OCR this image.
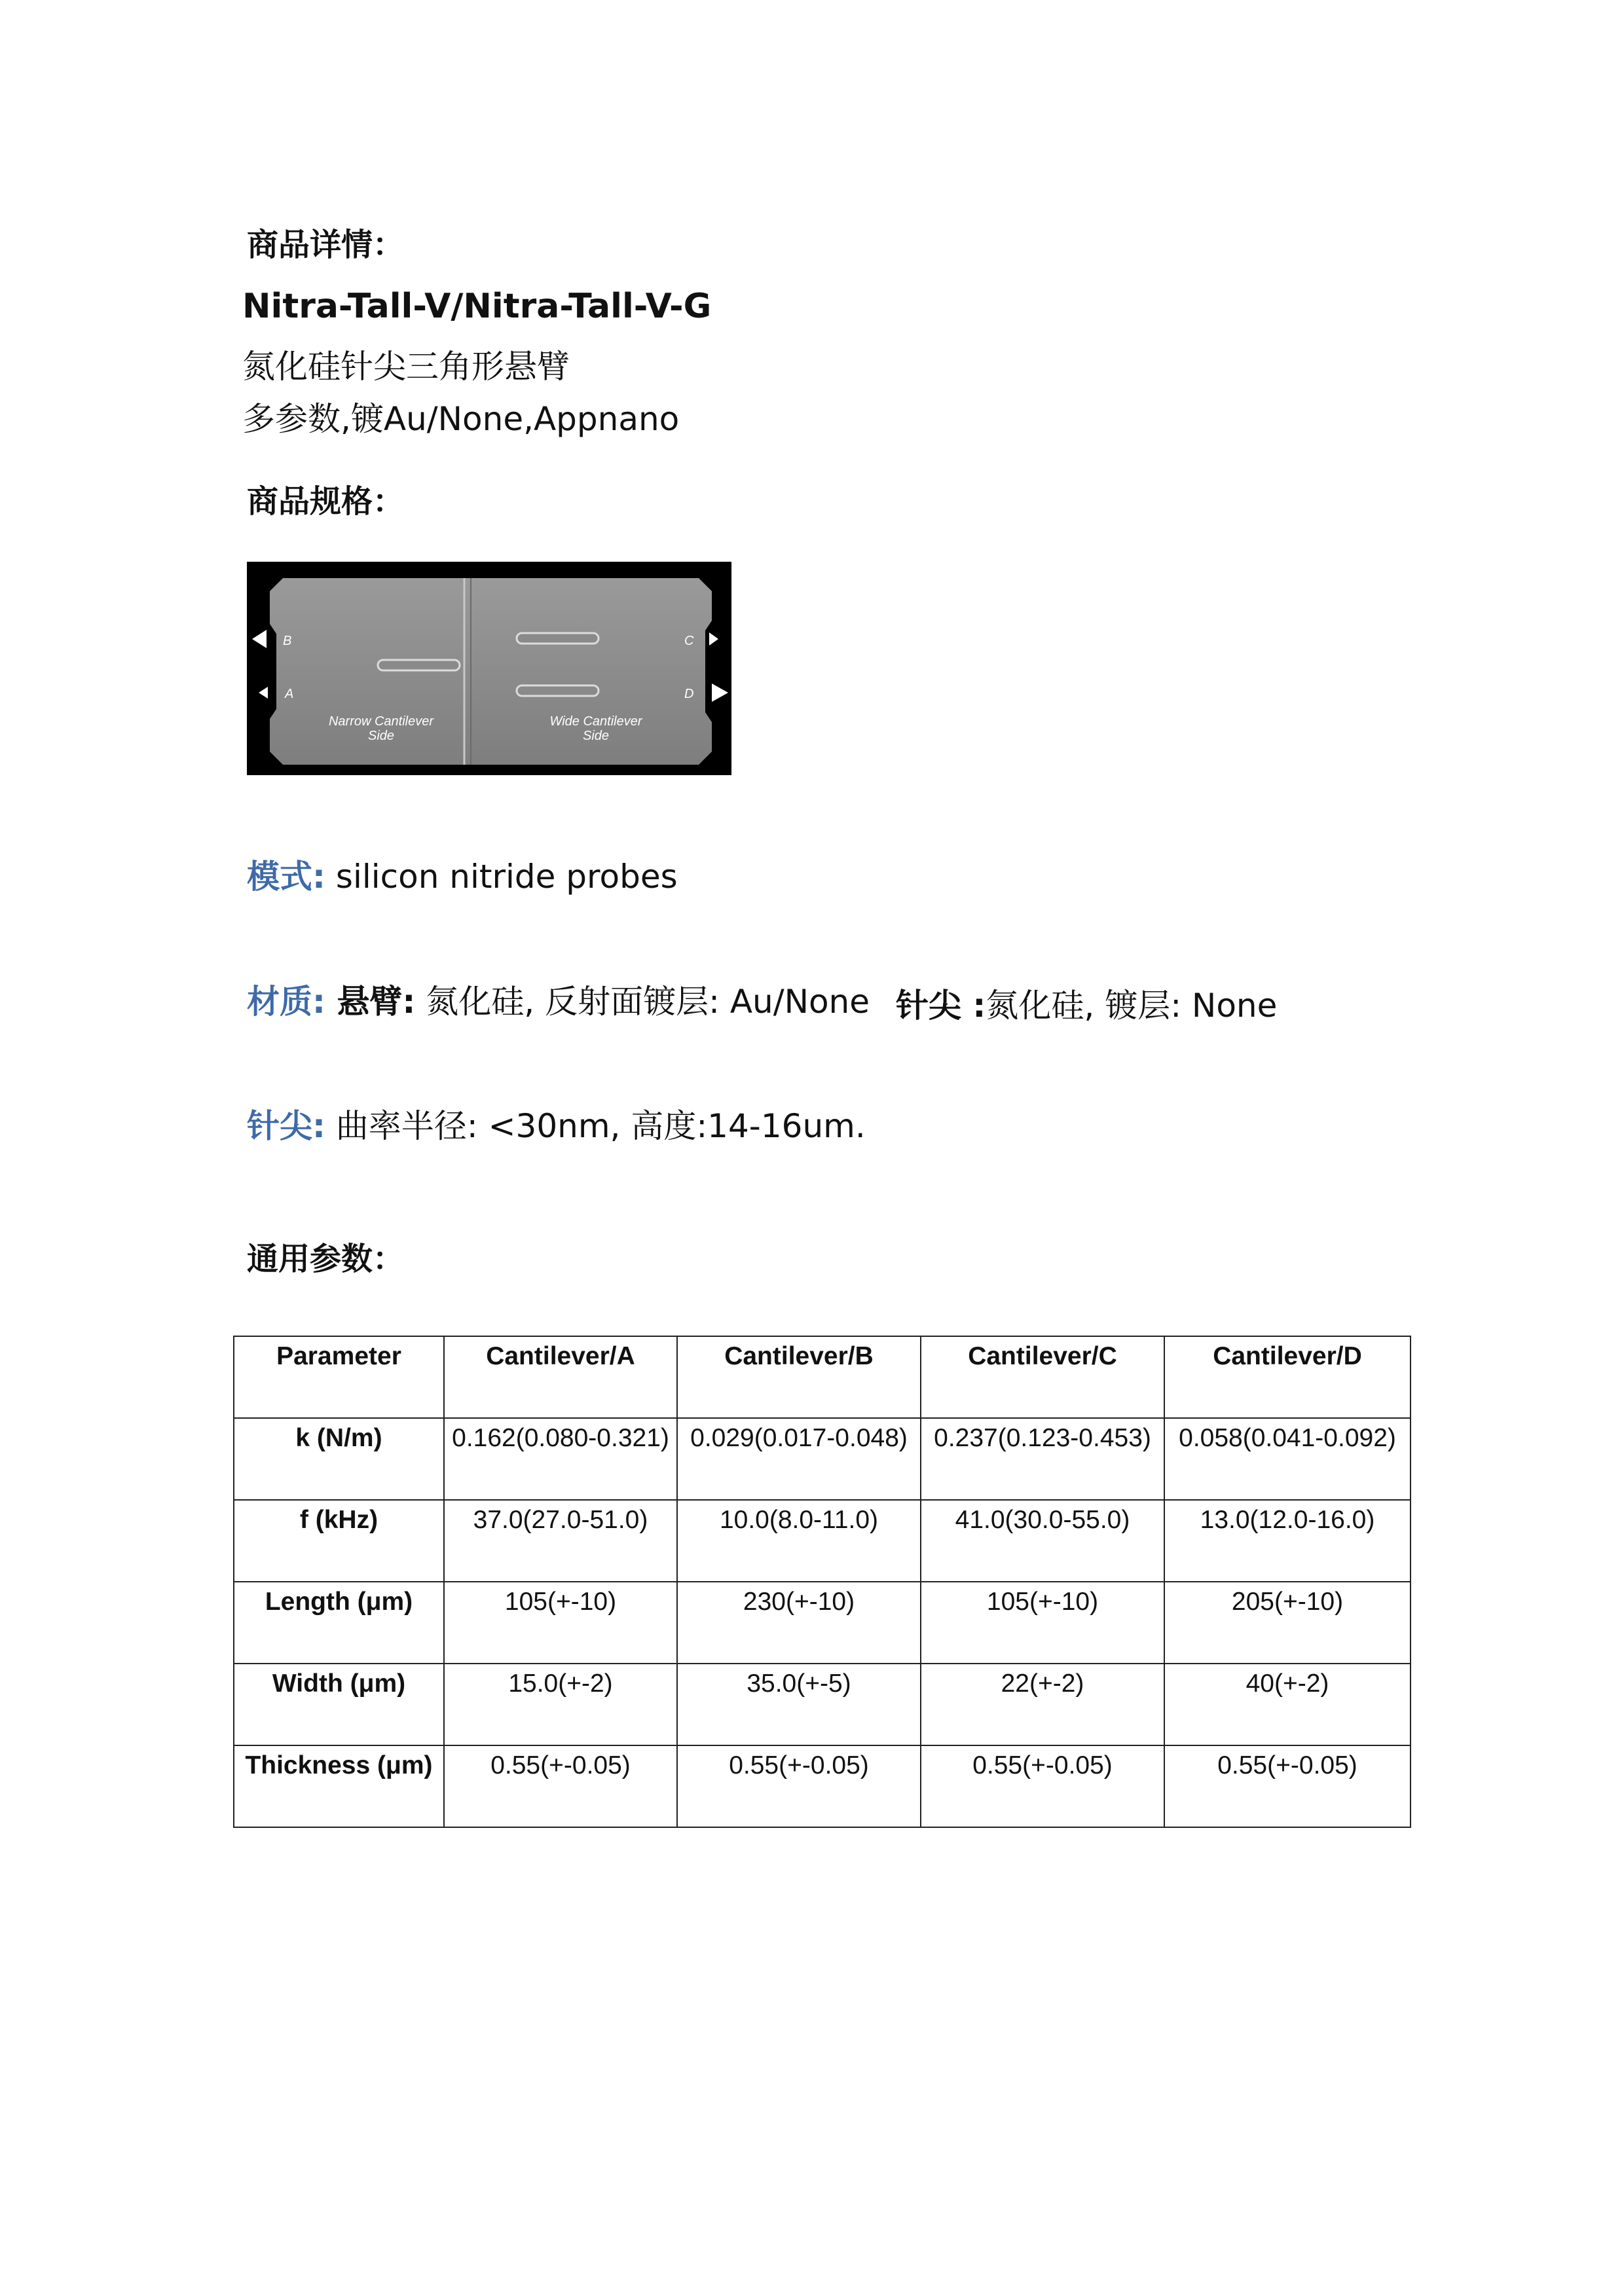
商品详情：
Nitra-Tall-V/Nitra-Tall-V-G
氮化硅针尖三角形悬臂
多参数,镀Au/None,Appnano
商品规格：
B
A
C
D
Narrow Cantilever
Side
Wide Cantilever
Side
模式: silicon nitride probes
材质: 悬臂: 氮化硅, 反射面镀层: Au/None 针尖 :氮化硅, 镀层: None
针尖: 曲率半径: <30nm, 高度:14-16um.
通用参数：
Parameter	Cantilever/A	Cantilever/B	Cantilever/C	Cantilever/D
k (N/m)	0.162(0.080-0.321)	0.029(0.017-0.048)	0.237(0.123-0.453)	0.058(0.041-0.092)
f (kHz)	37.0(27.0-51.0)	10.0(8.0-11.0)	41.0(30.0-55.0)	13.0(12.0-16.0)
Length (μm)	105(+-10)	230(+-10)	105(+-10)	205(+-10)
Width (μm)	15.0(+-2)	35.0(+-5)	22(+-2)	40(+-2)
Thickness (μm)	0.55(+-0.05)	0.55(+-0.05)	0.55(+-0.05)	0.55(+-0.05)
